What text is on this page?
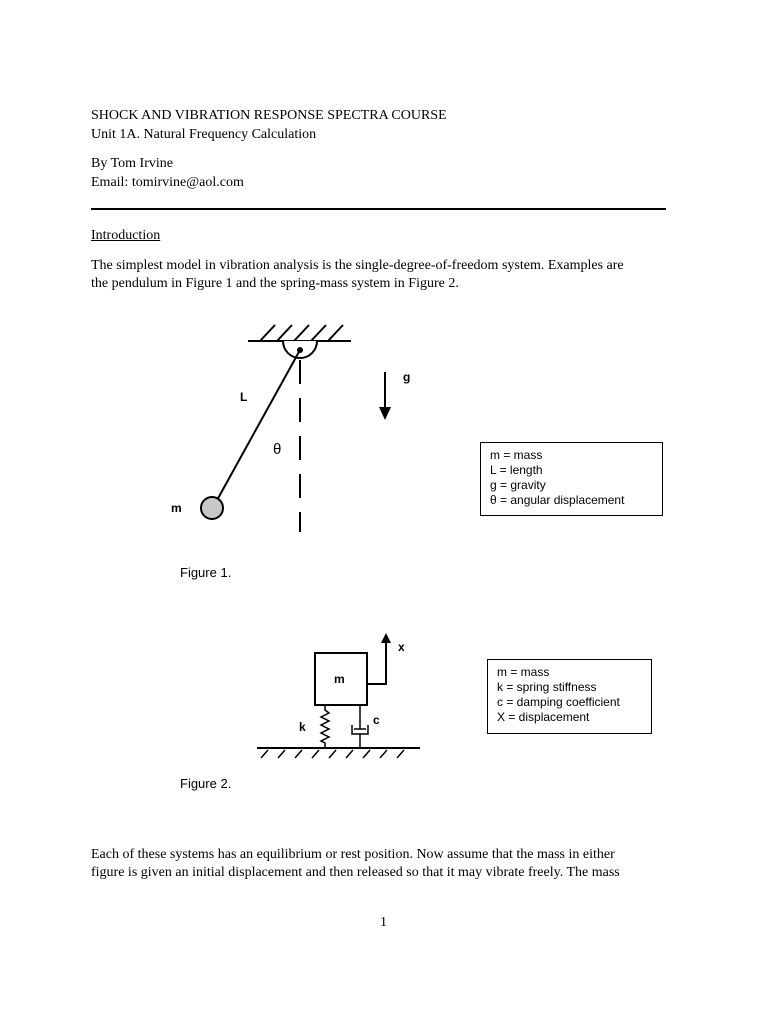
SHOCK AND VIBRATION RESPONSE SPECTRA COURSE
Unit 1A. Natural Frequency Calculation
By Tom Irvine
Email: tomirvine@aol.com
Introduction
The simplest model in vibration analysis is the single-degree-of-freedom system. Examples are
the pendulum in Figure 1 and the spring-mass system in Figure 2.
L
g
θ
m
m
x
k	c
m = mass
L = length
g = gravity
θ = angular displacement
Figure 1.
m = mass
k = spring stiffness
c = damping coefficient
X = displacement
Figure 2.
Each of these systems has an equilibrium or rest position. Now assume that the mass in either
figure is given an initial displacement and then released so that it may vibrate freely. The mass
1
